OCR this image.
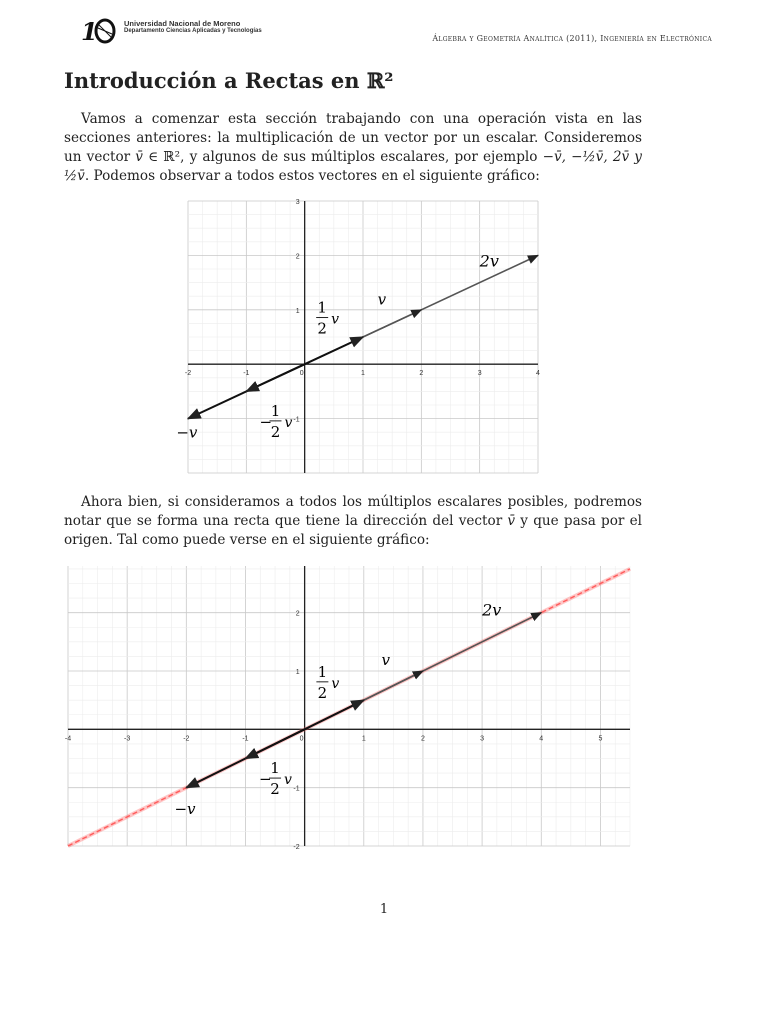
1	Universidad Nacional de Moreno
Departamento Ciencias Aplicadas y Tecnologías
Álgebra y Geometría Analítica (2011), Ingeniería en Electrónica
Introducción a Rectas en ℝ²

Vamos a comenzar esta sección trabajando con una operación vista en las secciones anteriores: la multiplicación de un vector por un escalar. Consideremos un vector v̄ ∈ ℝ², y algunos de sus múltiplos escalares, por ejemplo −v̄, −½v̄, 2v̄ y ½v̄. Podemos observar a todos estos vectores en el siguiente gráfico:

-2	-1	0	1	2	3	4
-1
1
2
3
2v
v
1
2 v
−
1
2 v
−v

Ahora bien, si consideramos a todos los múltiplos escalares posibles, podremos notar que se forma una recta que tiene la dirección del vector v̄ y que pasa por el origen. Tal como puede verse en el siguiente gráfico:

-4	-3	-2	-1	0	1	2	3	4	5
-2
-1
1
2	2v
v
1
2 v
−
1
2 v
−v
1
